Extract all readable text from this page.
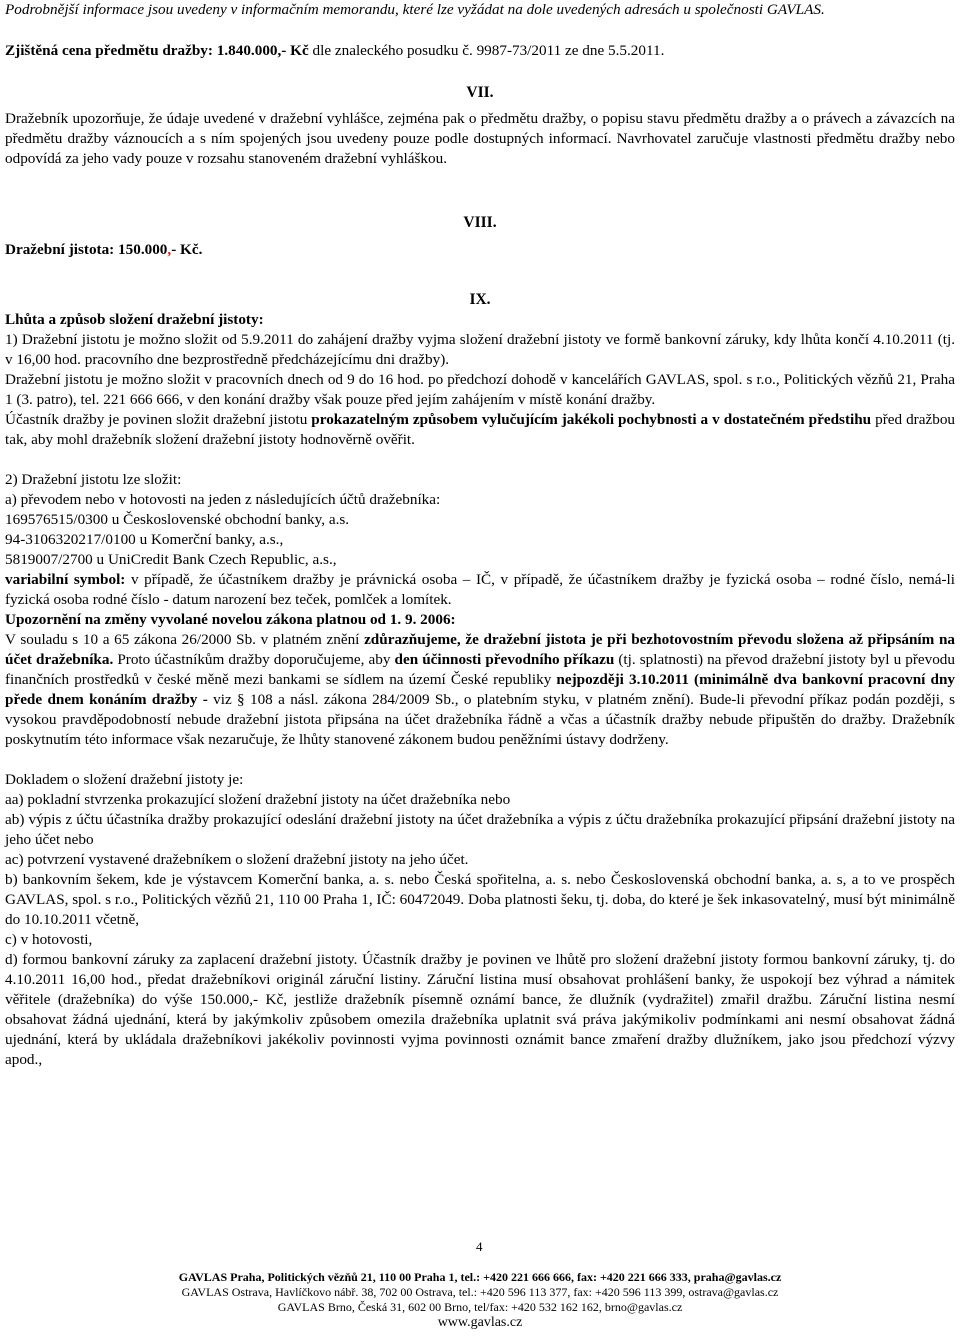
Podrobnější informace jsou uvedeny v informačním memorandu, které lze vyžádat na dole uvedených adresách u společnosti GAVLAS.

Zjištěná cena předmětu dražby: 1.840.000,- Kč dle znaleckého posudku č. 9987-73/2011 ze dne 5.5.2011.

VII.

Dražebník upozorňuje, že údaje uvedené v dražební vyhlášce, zejména pak o předmětu dražby, o popisu stavu předmětu dražby a o právech a závazcích na předmětu dražby váznoucích a s ním spojených jsou uvedeny pouze podle dostupných informací. Navrhovatel zaručuje vlastnosti předmětu dražby nebo odpovídá za jeho vady pouze v rozsahu stanoveném dražební vyhláškou.

VIII.

Dražební jistota: 150.000,- Kč.

IX.

Lhůta a způsob složení dražební jistoty:

1) Dražební jistotu je možno složit od 5.9.2011 do zahájení dražby vyjma složení dražební jistoty ve formě bankovní záruky, kdy lhůta končí 4.10.2011 (tj. v 16,00 hod. pracovního dne bezprostředně předcházejícímu dni dražby).

Dražební jistotu je možno složit v pracovních dnech od 9 do 16 hod. po předchozí dohodě v kancelářích GAVLAS, spol. s r.o., Politických vězňů 21, Praha 1 (3. patro), tel. 221 666 666, v den konání dražby však pouze před jejím zahájením v místě konání dražby.

Účastník dražby je povinen složit dražební jistotu prokazatelným způsobem vylučujícím jakékoli pochybnosti a v dostatečném předstihu před dražbou tak, aby mohl dražebník složení dražební jistoty hodnověrně ověřit.

2) Dražební jistotu lze složit:

a) převodem nebo v hotovosti na jeden z následujících účtů dražebníka:

169576515/0300 u Československé obchodní banky, a.s.

94-3106320217/0100 u Komerční banky, a.s.,

5819007/2700 u UniCredit Bank Czech Republic, a.s.,

variabilní symbol: v případě, že účastníkem dražby je právnická osoba – IČ, v případě, že účastníkem dražby je fyzická osoba – rodné číslo, nemá-li fyzická osoba rodné číslo - datum narození bez teček, pomlček a lomítek.

Upozornění na změny vyvolané novelou zákona platnou od 1. 9. 2006:

V souladu s 10 a 65 zákona 26/2000 Sb. v platném znění zdůrazňujeme, že dražební jistota je při bezhotovostním převodu složena až připsáním na účet dražebníka. Proto účastníkům dražby doporučujeme, aby den účinnosti převodního příkazu (tj. splatnosti) na převod dražební jistoty byl u převodu finančních prostředků v české měně mezi bankami se sídlem na území České republiky nejpozději 3.10.2011 (minimálně dva bankovní pracovní dny přede dnem konáním dražby - viz § 108 a násl. zákona 284/2009 Sb., o platebním styku, v platném znění). Bude-li převodní příkaz podán později, s vysokou pravděpodobností nebude dražební jistota připsána na účet dražebníka řádně a včas a účastník dražby nebude připuštěn do dražby. Dražebník poskytnutím této informace však nezaručuje, že lhůty stanovené zákonem budou peněžními ústavy dodrženy.

Dokladem o složení dražební jistoty je:

aa) pokladní stvrzenka prokazující složení dražební jistoty na účet dražebníka nebo

ab) výpis z účtu účastníka dražby prokazující odeslání dražební jistoty na účet dražebníka a výpis z účtu dražebníka prokazující připsání dražební jistoty na jeho účet nebo

ac) potvrzení vystavené dražebníkem o složení dražební jistoty na jeho účet.

b) bankovním šekem, kde je výstavcem Komerční banka, a. s. nebo Česká spořitelna, a. s. nebo Československá obchodní banka, a. s, a to ve prospěch GAVLAS, spol. s r.o., Politických vězňů 21, 110 00 Praha 1, IČ: 60472049. Doba platnosti šeku, tj. doba, do které je šek inkasovatelný, musí být minimálně do 10.10.2011 včetně,

c) v hotovosti,

d) formou bankovní záruky za zaplacení dražební jistoty. Účastník dražby je povinen ve lhůtě pro složení dražební jistoty formou bankovní záruky, tj. do 4.10.2011 16,00 hod., předat dražebníkovi originál záruční listiny. Záruční listina musí obsahovat prohlášení banky, že uspokojí bez výhrad a námitek věřitele (dražebníka) do výše 150.000,- Kč, jestliže dražebník písemně oznámí bance, že dlužník (vydražitel) zmařil dražbu. Záruční listina nesmí obsahovat žádná ujednání, která by jakýmkoliv způsobem omezila dražebníka uplatnit svá práva jakýmikoliv podmínkami ani nesmí obsahovat žádná ujednání, která by ukládala dražebníkovi jakékoliv povinnosti vyjma povinnosti oznámit bance zmaření dražby dlužníkem, jako jsou předchozí výzvy apod.,

4
GAVLAS Praha, Politických vězňů 21, 110 00 Praha 1, tel.: +420 221 666 666, fax: +420 221 666 333, praha@gavlas.cz
GAVLAS Ostrava, Havlíčkovo nábř. 38, 702 00 Ostrava, tel.: +420 596 113 377, fax: +420 596 113 399, ostrava@gavlas.cz
GAVLAS Brno, Česká 31, 602 00 Brno, tel/fax: +420 532 162 162, brno@gavlas.cz
www.gavlas.cz
